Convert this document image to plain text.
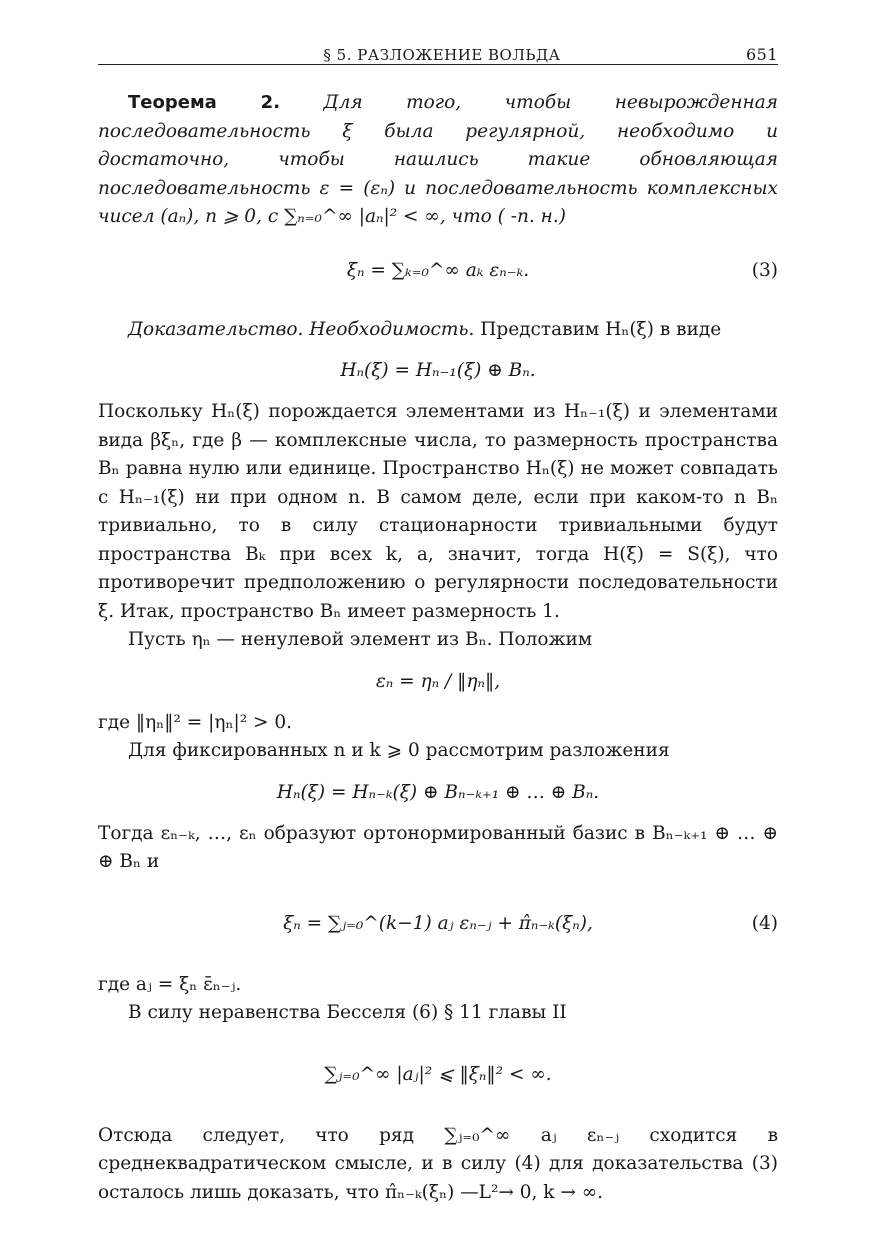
§ 5. РАЗЛОЖЕНИЕ ВОЛЬДА	651

Теорема 2. Для того, чтобы невырожденная последовательность ξ была регулярной, необходимо и достаточно, чтобы нашлись такие обновляющая последовательность ε = (εₙ) и последовательность комплексных чисел (aₙ), n ⩾ 0, с ∑ₙ₌₀^∞ |aₙ|² < ∞, что ( -п. н.)

ξₙ = ∑ₖ₌₀^∞ aₖ εₙ₋ₖ.	(3)

Доказательство. Необходимость. Представим Hₙ(ξ) в виде

Hₙ(ξ) = Hₙ₋₁(ξ) ⊕ Bₙ.

Поскольку Hₙ(ξ) порождается элементами из Hₙ₋₁(ξ) и элементами вида βξₙ, где β — комплексные числа, то размерность пространства Bₙ равна нулю или единице. Пространство Hₙ(ξ) не может совпадать с Hₙ₋₁(ξ) ни при одном n. В самом деле, если при каком-то n Bₙ тривиально, то в силу стационарности тривиальными будут пространства Bₖ при всех k, а, значит, тогда H(ξ) = S(ξ), что противоречит предположению о регулярности последовательности ξ. Итак, пространство Bₙ имеет размерность 1.

Пусть ηₙ — ненулевой элемент из Bₙ. Положим

εₙ = ηₙ / ‖ηₙ‖,

где ‖ηₙ‖² = |ηₙ|² > 0.

Для фиксированных n и k ⩾ 0 рассмотрим разложения

Hₙ(ξ) = Hₙ₋ₖ(ξ) ⊕ Bₙ₋ₖ₊₁ ⊕ … ⊕ Bₙ.

Тогда εₙ₋ₖ, …, εₙ образуют ортонормированный базис в Bₙ₋ₖ₊₁ ⊕ … ⊕ ⊕ Bₙ и

ξₙ = ∑ⱼ₌₀^(k−1) aⱼ εₙ₋ⱼ + π̂ₙ₋ₖ(ξₙ),	(4)

где aⱼ = ξₙ ε̄ₙ₋ⱼ.

В силу неравенства Бесселя (6) § 11 главы II

∑ⱼ₌₀^∞ |aⱼ|² ⩽ ‖ξₙ‖² < ∞.

Отсюда следует, что ряд ∑ⱼ₌₀^∞ aⱼ εₙ₋ⱼ сходится в среднеквадратическом смысле, и в силу (4) для доказательства (3) осталось лишь доказать, что π̂ₙ₋ₖ(ξₙ) —L²→ 0, k → ∞.
